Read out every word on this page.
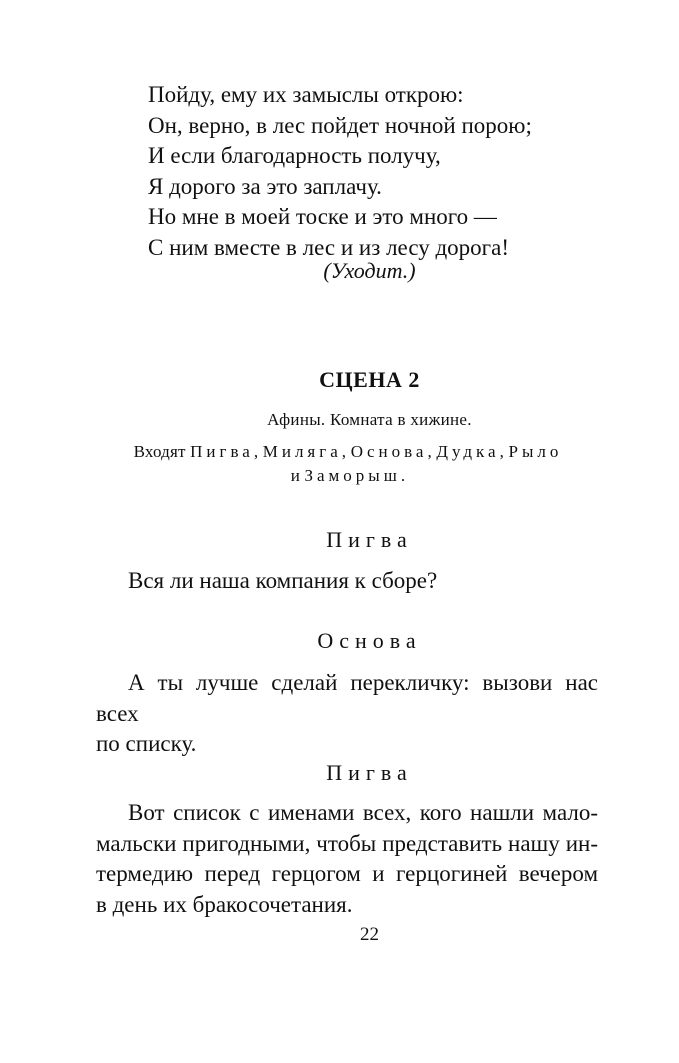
Пойду, ему их замыслы открою:
Он, верно, в лес пойдет ночной порою;
И если благодарность получу,
Я дорого за это заплачу.
Но мне в моей тоске и это много —
С ним вместе в лес и из лесу дорога!
(Уходит.)
СЦЕНА 2
Афины. Комната в хижине.
Входят Пигва, Миляга, Основа, Дудка, Рыло
и Заморыш.
Пигва
Вся ли наша компания к сборе?
Основа
А ты лучше сделай перекличку: вызови нас всех
по списку.
Пигва
Вот список с именами всех, кого нашли мало-
мальски пригодными, чтобы представить нашу ин-
термедию перед герцогом и герцогиней вечером
в день их бракосочетания.
22
